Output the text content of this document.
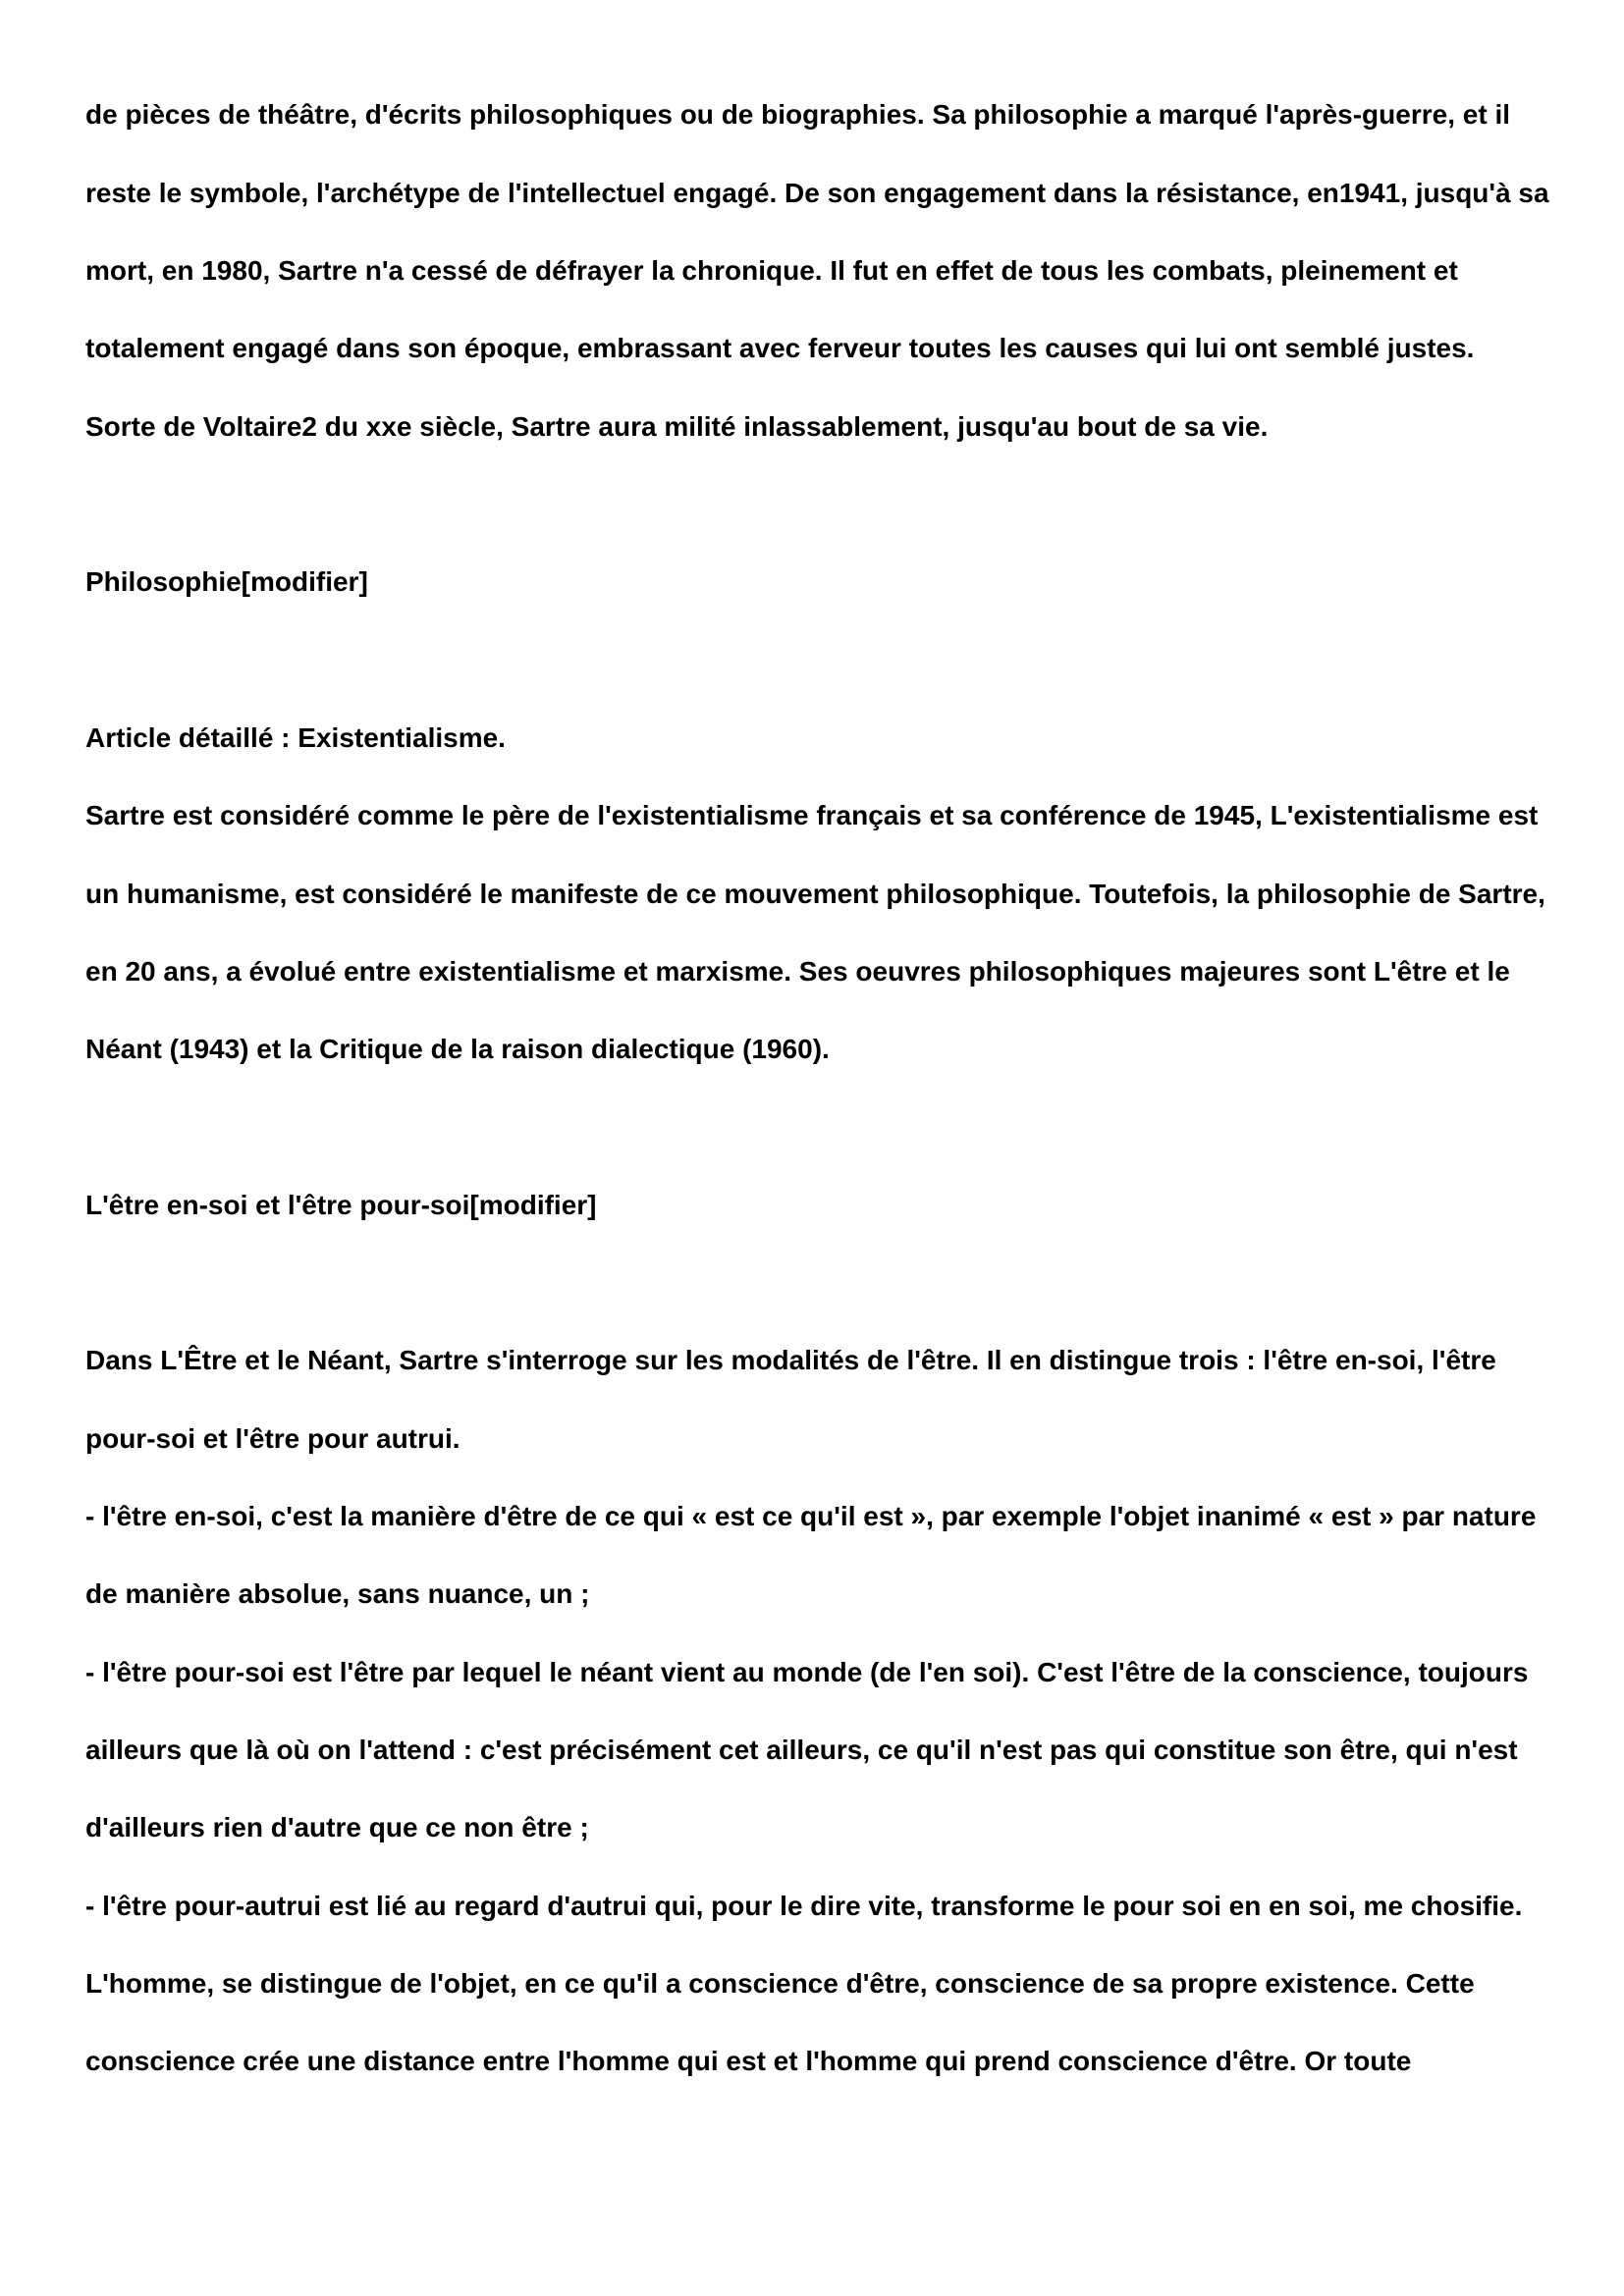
de pièces de théâtre, d'écrits philosophiques ou de biographies. Sa philosophie a marqué l'après-guerre, et il

reste le symbole, l'archétype de l'intellectuel engagé. De son engagement dans la résistance, en1941, jusqu'à sa

mort, en 1980, Sartre n'a cessé de défrayer la chronique. Il fut en effet de tous les combats, pleinement et

totalement engagé dans son époque, embrassant avec ferveur toutes les causes qui lui ont semblé justes.

Sorte de Voltaire2 du xxe siècle, Sartre aura milité inlassablement, jusqu'au bout de sa vie.

Philosophie[modifier]

Article détaillé : Existentialisme.

Sartre est considéré comme le père de l'existentialisme français et sa conférence de 1945, L'existentialisme est

un humanisme, est considéré le manifeste de ce mouvement philosophique. Toutefois, la philosophie de Sartre,

en 20 ans, a évolué entre existentialisme et marxisme. Ses oeuvres philosophiques majeures sont L'être et le

Néant (1943) et la Critique de la raison dialectique (1960).

L'être en-soi et l'être pour-soi[modifier]

Dans L'Être et le Néant, Sartre s'interroge sur les modalités de l'être. Il en distingue trois : l'être en-soi, l'être

pour-soi et l'être pour autrui.

- l'être en-soi, c'est la manière d'être de ce qui « est ce qu'il est », par exemple l'objet inanimé « est » par nature

de manière absolue, sans nuance, un ;

- l'être pour-soi est l'être par lequel le néant vient au monde (de l'en soi). C'est l'être de la conscience, toujours

ailleurs que là où on l'attend : c'est précisément cet ailleurs, ce qu'il n'est pas qui constitue son être, qui n'est

d'ailleurs rien d'autre que ce non être ;

- l'être pour-autrui est lié au regard d'autrui qui, pour le dire vite, transforme le pour soi en en soi, me chosifie.

L'homme, se distingue de l'objet, en ce qu'il a conscience d'être, conscience de sa propre existence. Cette

conscience crée une distance entre l'homme qui est et l'homme qui prend conscience d'être. Or toute
